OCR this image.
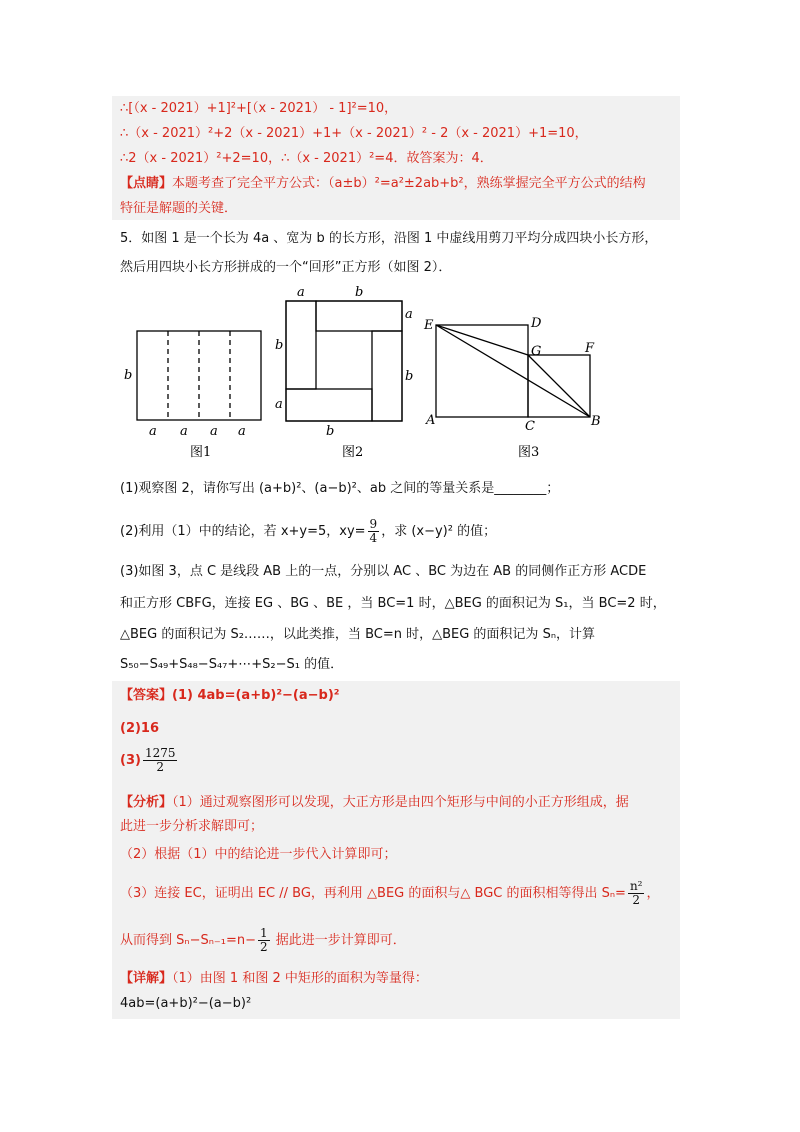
∴[（x - 2021）+1]²+[（x - 2021） - 1]²=10，
∴（x - 2021）²+2（x - 2021）+1+（x - 2021）² - 2（x - 2021）+1=10，
∴2（x - 2021）²+2=10，∴（x - 2021）²=4．故答案为：4．
【点睛】本题考查了完全平方公式：（a±b）²=a²±2ab+b²，熟练掌握完全平方公式的结构
特征是解题的关键．
5．如图 1 是一个长为 4a 、宽为 b 的长方形，沿图 1 中虚线用剪刀平均分成四块小长方形，
然后用四块小长方形拼成的一个“回形”正方形（如图 2）．
b
a a a a
图1
a	b
a
b
b
a
b
图2
E	D
G	F
A	C	B
图3
(1)观察图 2，请你写出 (a+b)²、(a−b)²、ab 之间的等量关系是________；
(2)利用（1）中的结论，若 x+y=5，$xy= \frac{9}{4}$ ，求 (x−y)² 的值；
(3)如图 3，点 C 是线段 AB 上的一点，分别以 AC 、BC 为边在 AB 的同侧作正方形 ACDE
和正方形 CBFG，连接 EG 、BG 、BE ，当 BC=1 时，△BEG 的面积记为 S₁，当 BC=2 时，
△BEG 的面积记为 S₂……，以此类推，当 BC=n 时，△BEG 的面积记为 Sₙ，计算
S₅₀−S₄₉+S₄₈−S₄₇+⋯+S₂−S₁ 的值．
【答案】(1) 4ab=(a+b)²−(a−b)²
(2)16
$(3) \frac{1275}{2}$
【分析】（1）通过观察图形可以发现，大正方形是由四个矩形与中间的小正方形组成，据
此进一步分析求解即可；
（2）根据（1）中的结论进一步代入计算即可；
（3）连接 EC，证明出 EC // BG，再利用 △BEG 的面积与△ BGC 的面积相等得出 $S_n= \frac{\text{n²}}{2}$ ，
从而得到 $S_n-S_{n-1}=n- \frac{1}{2}$ 据此进一步计算即可．
【详解】（1）由图 1 和图 2 中矩形的面积为等量得：
4ab=(a+b)²−(a−b)²
